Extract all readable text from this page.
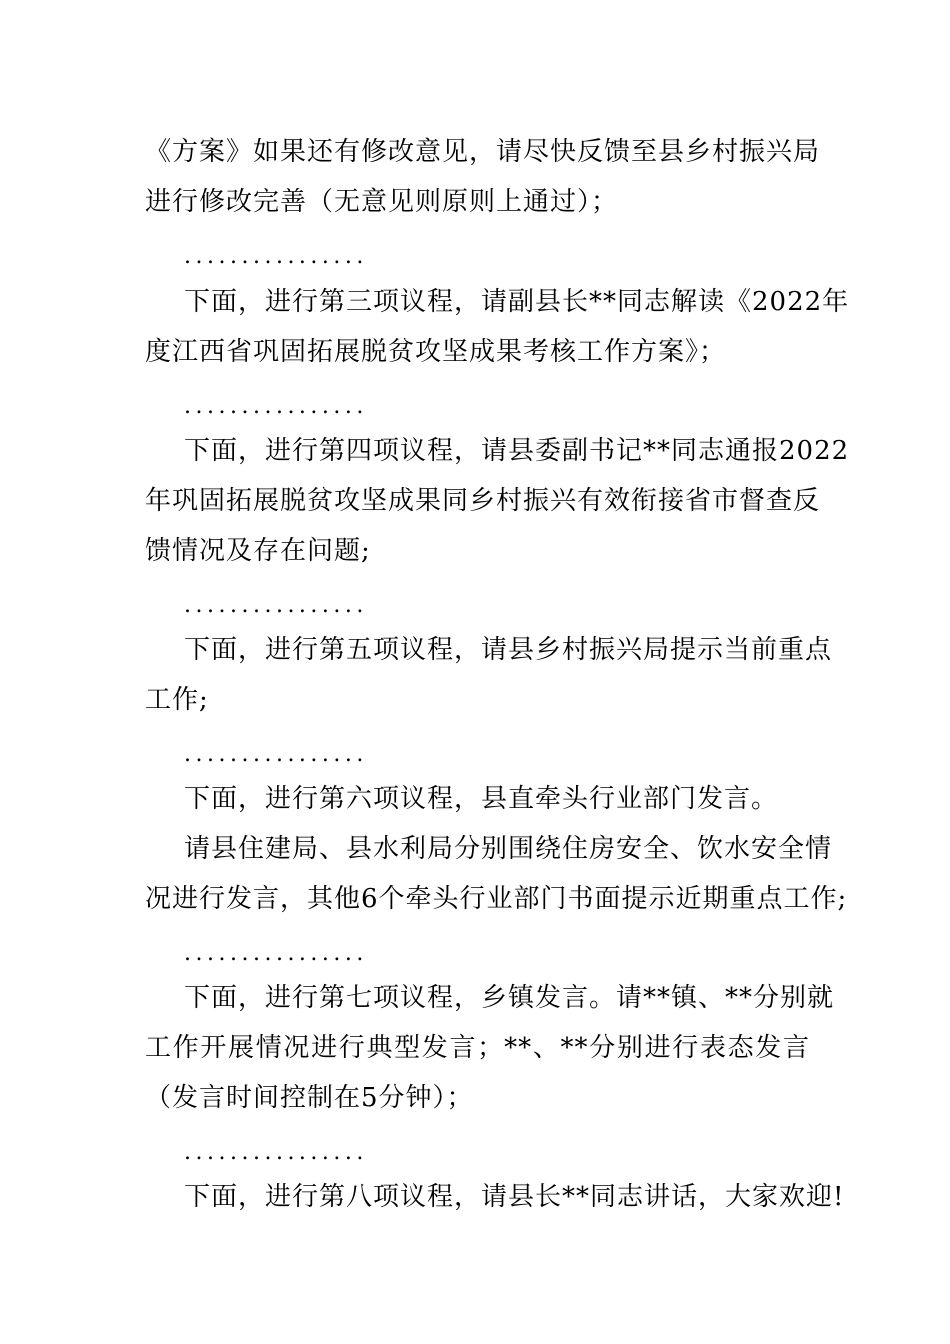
《方案》如果还有修改意见，请尽快反馈至县乡村振兴局
进行修改完善（无意见则原则上通过）；
................
下面，进行第三项议程，请副县长**同志解读《2022年
度江西省巩固拓展脱贫攻坚成果考核工作方案》；
................
下面，进行第四项议程，请县委副书记**同志通报2022
年巩固拓展脱贫攻坚成果同乡村振兴有效衔接省市督查反
馈情况及存在问题;
................
下面，进行第五项议程，请县乡村振兴局提示当前重点
工作;
................
下面，进行第六项议程，县直牵头行业部门发言。
请县住建局、县水利局分别围绕住房安全、饮水安全情
况进行发言，其他6个牵头行业部门书面提示近期重点工作;
................
下面，进行第七项议程，乡镇发言。请**镇、**分别就
工作开展情况进行典型发言；**、**分别进行表态发言
（发言时间控制在5分钟）；
................
下面，进行第八项议程，请县长**同志讲话，大家欢迎!
